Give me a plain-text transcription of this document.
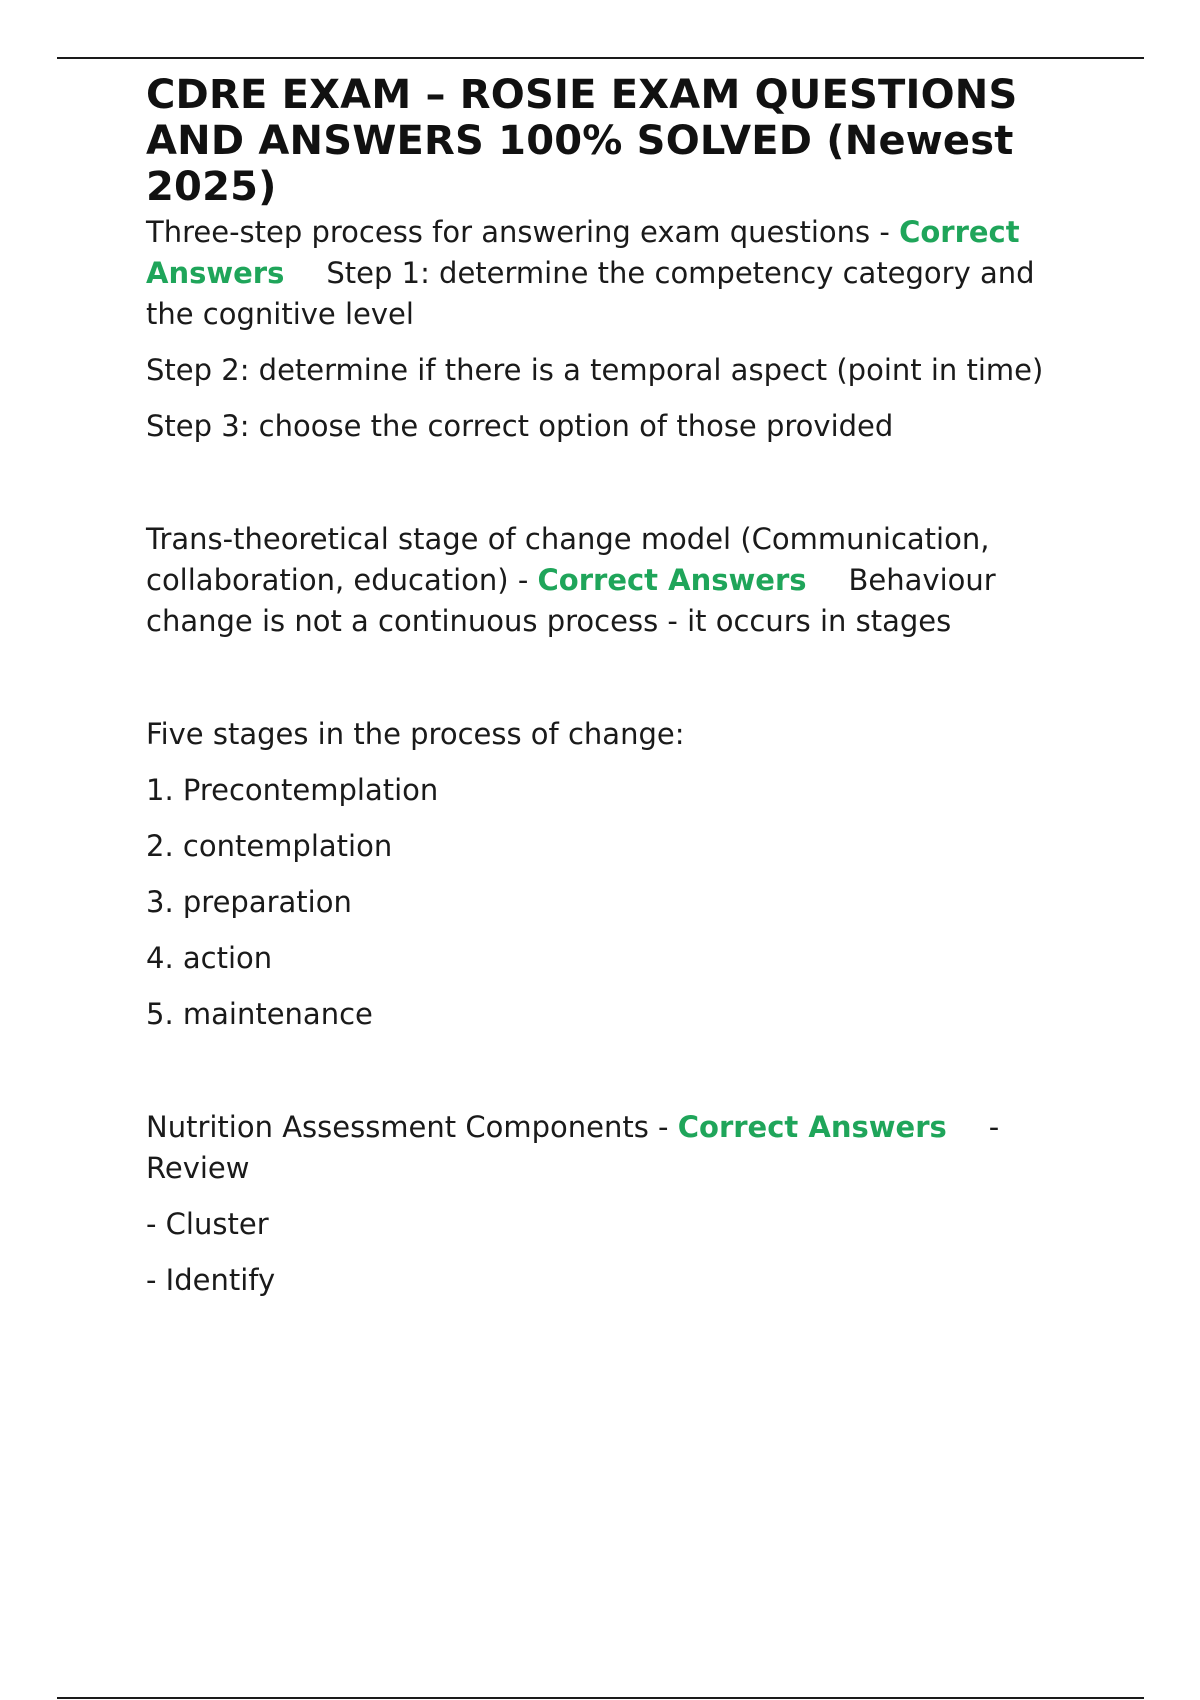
CDRE EXAM – ROSIE EXAM QUESTIONS AND ANSWERS 100% SOLVED (Newest 2025)

Three-step process for answering exam questions - Correct Answers Step 1: determine the competency category and the cognitive level

Step 2: determine if there is a temporal aspect (point in time)

Step 3: choose the correct option of those provided

Trans-theoretical stage of change model (Communication, collaboration, education) - Correct Answers Behaviour change is not a continuous process - it occurs in stages

Five stages in the process of change:

1. Precontemplation

2. contemplation

3. preparation

4. action

5. maintenance

Nutrition Assessment Components - Correct Answers - Review

- Cluster

- Identify
